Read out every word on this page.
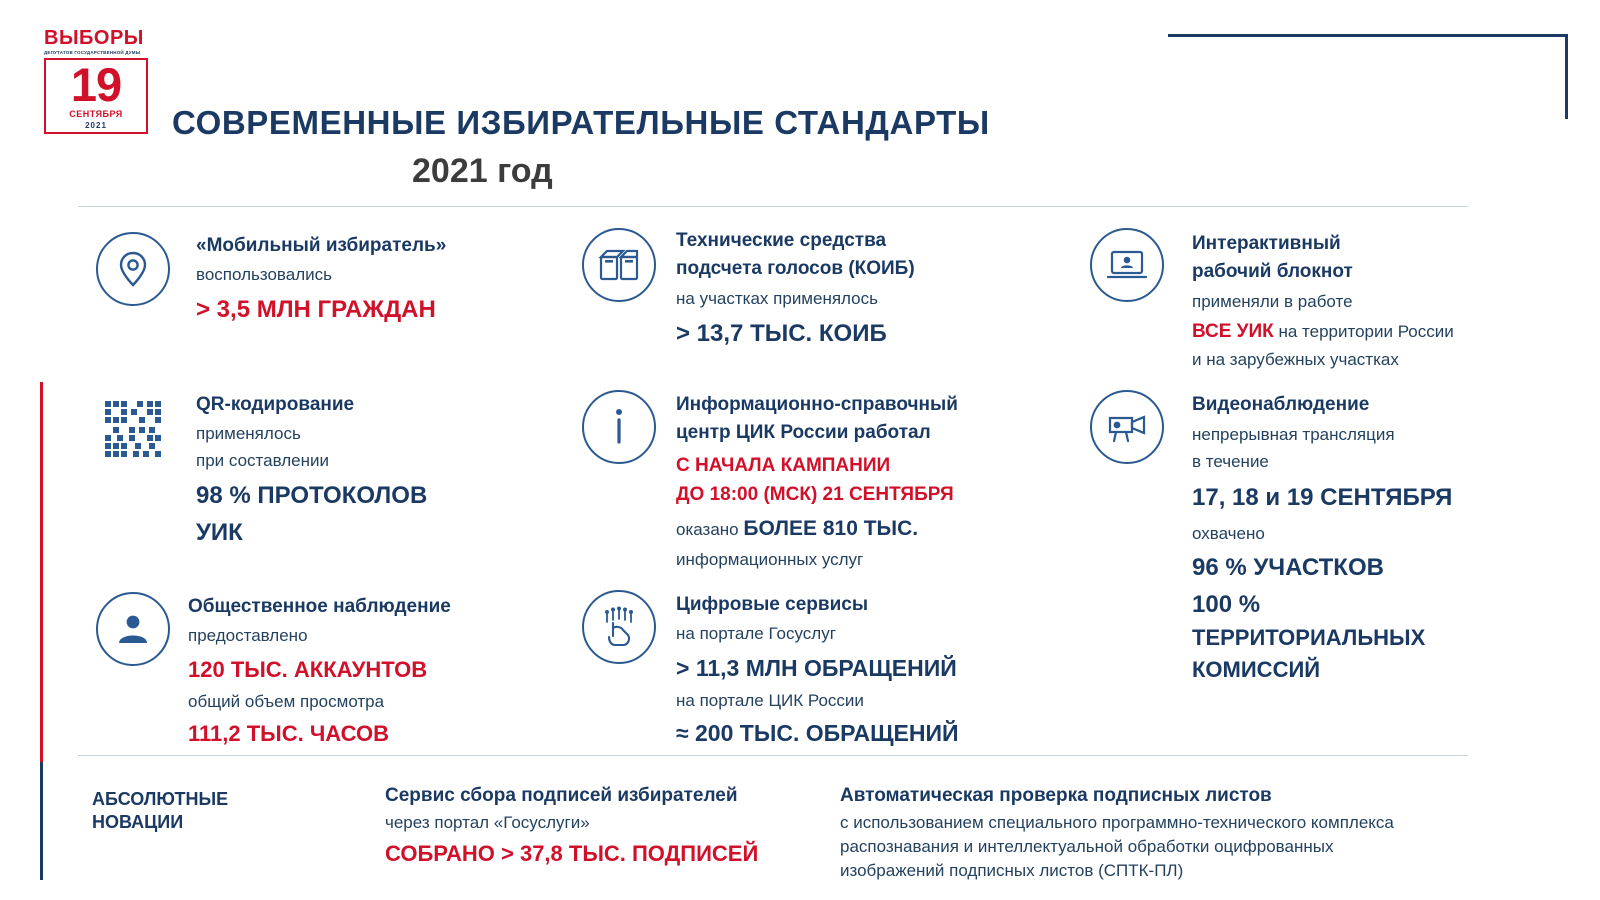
ВЫБОРЫ
ДЕПУТАТОВ ГОСУДАРСТВЕННОЙ ДУМЫ
19
СЕНТЯБРЯ
2021	СОВРЕМЕННЫЕ ИЗБИРАТЕЛЬНЫЕ СТАНДАРТЫ
2021 год
«Мобильный избиратель»
воспользовались
> 3,5 МЛН ГРАЖДАН
Технические средства
подсчета голосов (КОИБ)
на участках применялось
> 13,7 ТЫС. КОИБ
Интерактивный
рабочий блокнот
применяли в работе
ВСЕ УИК на территории России
и на зарубежных участках
QR-кодирование
применялось
при составлении
98 % ПРОТОКОЛОВ
УИК
Информационно-справочный
центр ЦИК России работал
С НАЧАЛА КАМПАНИИ
ДО 18:00 (МСК) 21 СЕНТЯБРЯ
оказано БОЛЕЕ 810 ТЫС.
информационных услуг
Видеонаблюдение
непрерывная трансляция
в течение
17, 18 и 19 СЕНТЯБРЯ
охвачено
96 % УЧАСТКОВ
100 %
ТЕРРИТОРИАЛЬНЫХ
КОМИССИЙ
Общественное наблюдение
предоставлено
120 ТЫС. АККАУНТОВ
общий объем просмотра
111,2 ТЫС. ЧАСОВ
Цифровые сервисы
на портале Госуслуг
> 11,3 МЛН ОБРАЩЕНИЙ
на портале ЦИК России
≈ 200 ТЫС. ОБРАЩЕНИЙ
АБСОЛЮТНЫЕ
НОВАЦИИ
Сервис сбора подписей избирателей
через портал «Госуслуги»
СОБРАНО > 37,8 ТЫС. ПОДПИСЕЙ
Автоматическая проверка подписных листов
с использованием специального программно-технического комплекса
распознавания и интеллектуальной обработки оцифрованных
изображений подписных листов (СПТК-ПЛ)
